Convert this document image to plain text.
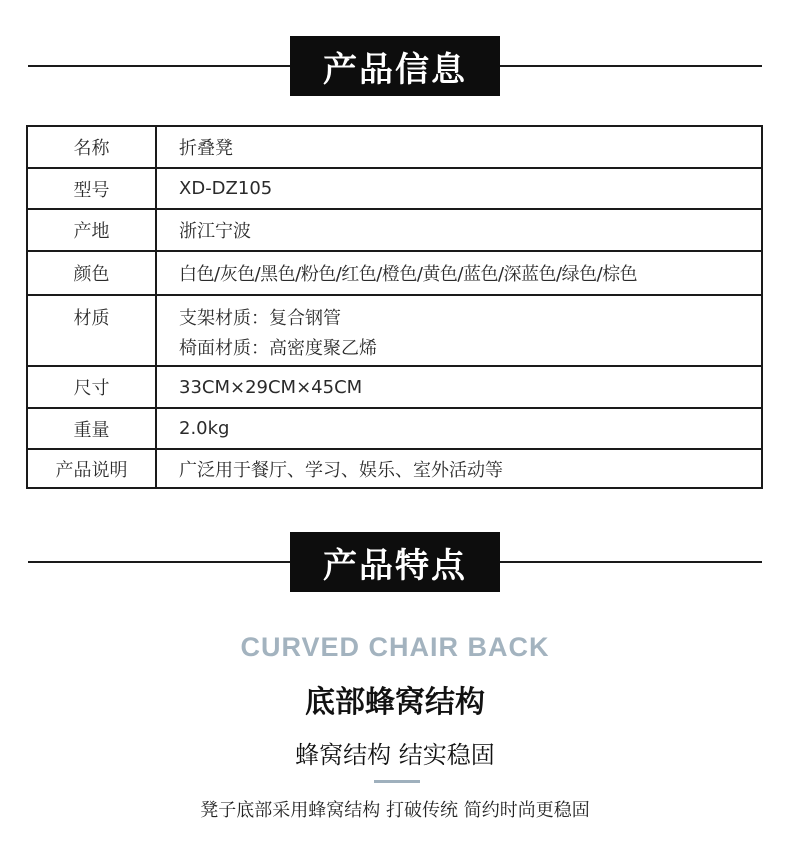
产品信息
名称	折叠凳
型号	XD-DZ105
产地	浙江宁波
颜色	白色/灰色/黑色/粉色/红色/橙色/黄色/蓝色/深蓝色/绿色/棕色
材质	支架材质：复合钢管
椅面材质：高密度聚乙烯

尺寸	33CM×29CM×45CM
重量	2.0kg
产品说明	广泛用于餐厅、学习、娱乐、室外活动等
产品特点
CURVED CHAIR BACK
底部蜂窝结构
蜂窝结构 结实稳固
凳子底部采用蜂窝结构 打破传统 简约时尚更稳固
